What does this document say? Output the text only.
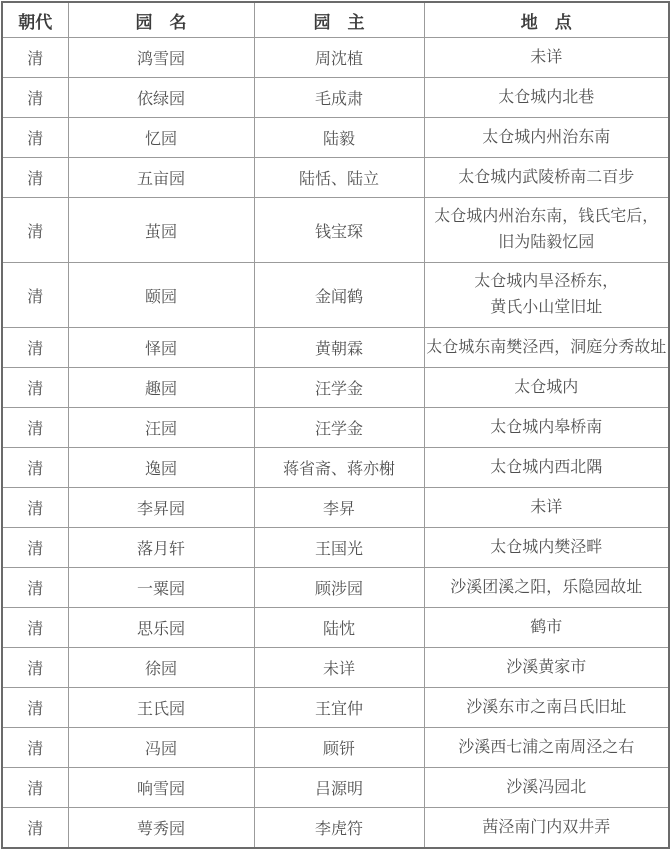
朝代	园　名	园　主	地　点
清	鸿雪园	周沈植	未详

清	依绿园	毛成肃	太仓城内北巷

清	忆园	陆毅	太仓城内州治东南

清	五亩园	陆恬、陆立	太仓城内武陵桥南二百步

清	茧园	钱宝琛	太仓城内州治东南，钱氏宅后，
旧为陆毅忆园

清	颐园	金闻鹤	太仓城内旱泾桥东，
黄氏小山堂旧址

清	怿园	黄朝霖	太仓城东南樊泾西，洞庭分秀故址

清	趣园	汪学金	太仓城内

清	汪园	汪学金	太仓城内皋桥南

清	逸园	蒋省斋、蒋亦榭	太仓城内西北隅

清	李昇园	李昇	未详

清	落月轩	王国光	太仓城内樊泾畔

清	一粟园	顾涉园	沙溪团溪之阳，乐隐园故址

清	思乐园	陆忱	鹤市

清	徐园	未详	沙溪黄家市

清	王氏园	王宜仲	沙溪东市之南吕氏旧址

清	冯园	顾钘	沙溪西七浦之南周泾之右

清	响雪园	吕源明	沙溪冯园北

清	萼秀园	李虎符	茜泾南门内双井弄
